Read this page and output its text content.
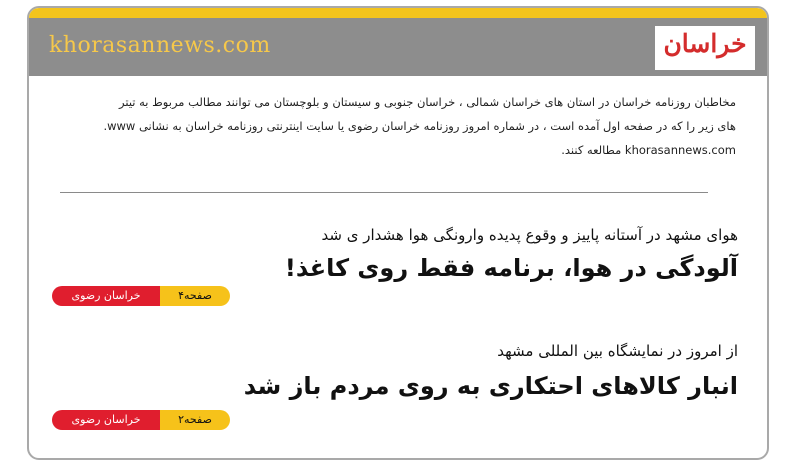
khorasannews.com	خراسان
مخاطبان روزنامه خراسان در استان های خراسان شمالی ، خراسان جنوبی و سیستان و بلوچستان می توانند مطالب مربوط به تیتر
های زیر را که در صفحه اول آمده است ، در شماره امروز روزنامه خراسان رضوی یا سایت اینترنتی روزنامه خراسان به نشانی www.
khorasannews.com مطالعه کنند.
هوای مشهد در آستانه پاییز و وقوع پدیده وارونگی هوا هشدار ی شد
آلودگی در هوا، برنامه فقط روی کاغذ!
خراسان رضوی	صفحه۴
از امروز در نمایشگاه بین المللی مشهد
انبار کالاهای احتکاری به روی مردم باز شد
خراسان رضوی	صفحه۲
